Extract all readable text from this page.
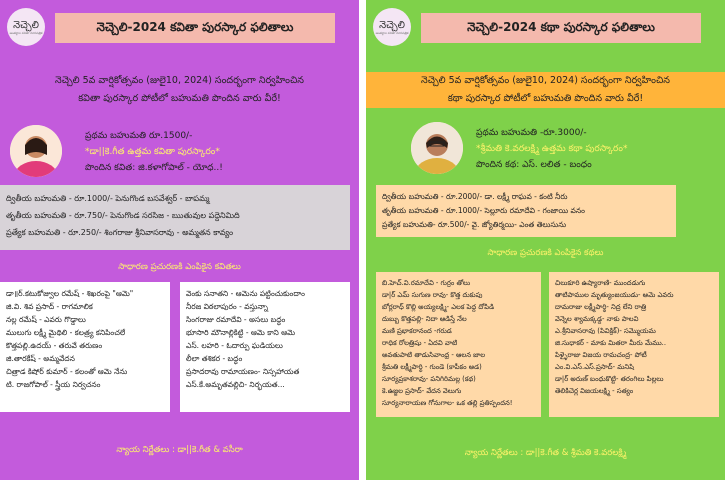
నెచ్చెలి
అంతర్జాల వనితా మాసపత్రిక	నెచ్చెలి-2024 కవితా పురస్కార ఫలితాలు
నెచ్చెలి 5వ వార్షికోత్సవం (జులై10, 2024) సందర్భంగా నిర్వహించిన
కవితా పురస్కార పోటీలో బహుమతి పొందిన వారు వీరే!
ప్రథమ బహుమతి రూ.1500/-
*డా||కె.గీత ఉత్తమ కవితా పురస్కారం*
పొందిన కవిత: జి.కళాగోపాల్ - యోధ..!
ద్వితీయ బహుమతి - రూ.1000/- పెనుగొండ బసవేశ్వర్ - బాపమ్మ
తృతీయ బహుమతి - రూ.750/- పెనుగొండ సరసిజ - ఋతువుల పద్దెనిమిది
ప్రత్యేక బహుమతి - రూ.250/- శింగరాజు శ్రీనివాసరావు - అమ్మతన కావ్యం
సాధారణ ప్రచురణకి ఎంపికైన కవితలు
డా॥ర్.కటుకోజ్వుల రమేష్ - శిఖరంపై "ఆమె"
జి.వి. శివ ప్రసాద్ - రాగమాలిక
నల్ల రమేష్ - ఎవరు గొడ్డాలు
ములుగు లక్ష్మీ మైథిలి - కలత్ర్య కనిపించలే
కొత్తపల్లి.ఉదయ్ - తరువే తరుణం
జి.తారకేష్ - అమ్మవేదన
చిత్రాడ కిషోర్ కుమార్ - కలంతో ఆమె నేను
టి. రాజగోపాల్ - స్త్రీయ నిర్వచనం
వెంకు సనాతని - ఆమెను పట్టించుకుందాం
నీరజ విఠలాపురం - వస్తున్నా
సింగరాజు రమాదేవి - అసలు బద్ధం
భూసారి మౌనాల్లికిట్టి - ఆమె కాని ఆమె
ఎస్. లహరి - ఓదార్పు ఘడియలు
లీలా తశికర - బద్ధం
ప్రసాదరావు రామాయణం- నిస్సహాయత
ఎస్.కే.అమృతవల్లిచి- నిర్భయత...
న్యాయ నిర్ణేతలు : డా||కె.గీత & వసీరా
నెచ్చెలి
అంతర్జాల వనితా మాసపత్రిక	నెచ్చెలి-2024 కథా పురస్కార ఫలితాలు
నెచ్చెలి 5వ వార్షికోత్సవం (జులై10, 2024) సందర్భంగా నిర్వహించిన
కథా పురస్కార పోటీలో బహుమతి పొందిన వారు వీరే!
ప్రథమ బహుమతి -రూ.3000/-
*శ్రీమతి కె.వరలక్ష్మి ఉత్తమ కథా పురస్కారం*
పొందిన కథ: ఎస్. లలిత - బంధం
ద్వితీయ బహుమతి - రూ.2000/- డా. లక్ష్మీ రాఘవ - కంటి నీరు
తృతీయ బహుమతి - రూ.1000/- సెల్లూరు రమాదేవి - గంజాయి వనం
ప్రత్యేక బహుమతి- రూ.500/- వై. జ్యోతిర్మయి- ఎంత తెలుసును
సాధారణ ప్రచురణకి ఎంపికైన కథలు
బి.హెచ్.వి.రమాదేవి - గుర్రం తోలు
డా|ర్ ఎమ్ సుగుణ రావు- కొత్త దుకుపు
బోర్లరాధ్ కొల్లి అయ్యలక్ష్మి- ఎలక పెద్ద దోపిడి
దుబ్బు కొత్తపల్లి- నిదా ఆడిస్తే నేల
మణి ప్రభాకరానంద -గరుడ
రాధిక రోలత్రిషు - ఏదవి వాటి
అవతుపాటి తాడుసివాంధ్ర - ఆలన జాల
శ్రీమతి లక్ష్మీపార్థి - గుండె (కాపీకం అడ)
సూర్యప్రకాశరావు- పనిగిరిమల్ల (కథ)
కె.ఉజ్జల ప్రసాద్- వేదన వెలుగు
సూర్యనారాయణ గోనుగాల- ఒక తల్లి ప్రతిస్పందన!
చిలుకూరి ఉష్యారాణి- ముందడుగు
తాటిపాముల మృత్యుంజయుడు- ఆమె ఎవరు
దామరాజు లక్ష్మీపార్థి- నిద్ర లేని రాత్రి
వెన్నెల శ్యామక్కడ్డ- నాకు పాలవి
ఎ.శ్రీనివాసరావు (పివిక్రిక్)- సమ్మొయమ
జి.సుధాకర్ - మాకు మితరా మీరు మేము..
పిళ్ళైరాజు విజయ రామచంద్ర- పోటీ
ఎం.వి.ఎస్.ఎస్.ప్రసాద్- మనిషి
డా|ర్ అరుణ్ బంధుకొట్టి- తరంగిలు పిల్లలు
తెలికిచెర్ల విజయలక్ష్మి - సత్యం
న్యాయ నిర్ణేతలు : డా||కె.గీత & శ్రీమతి కె.వరలక్ష్మి
